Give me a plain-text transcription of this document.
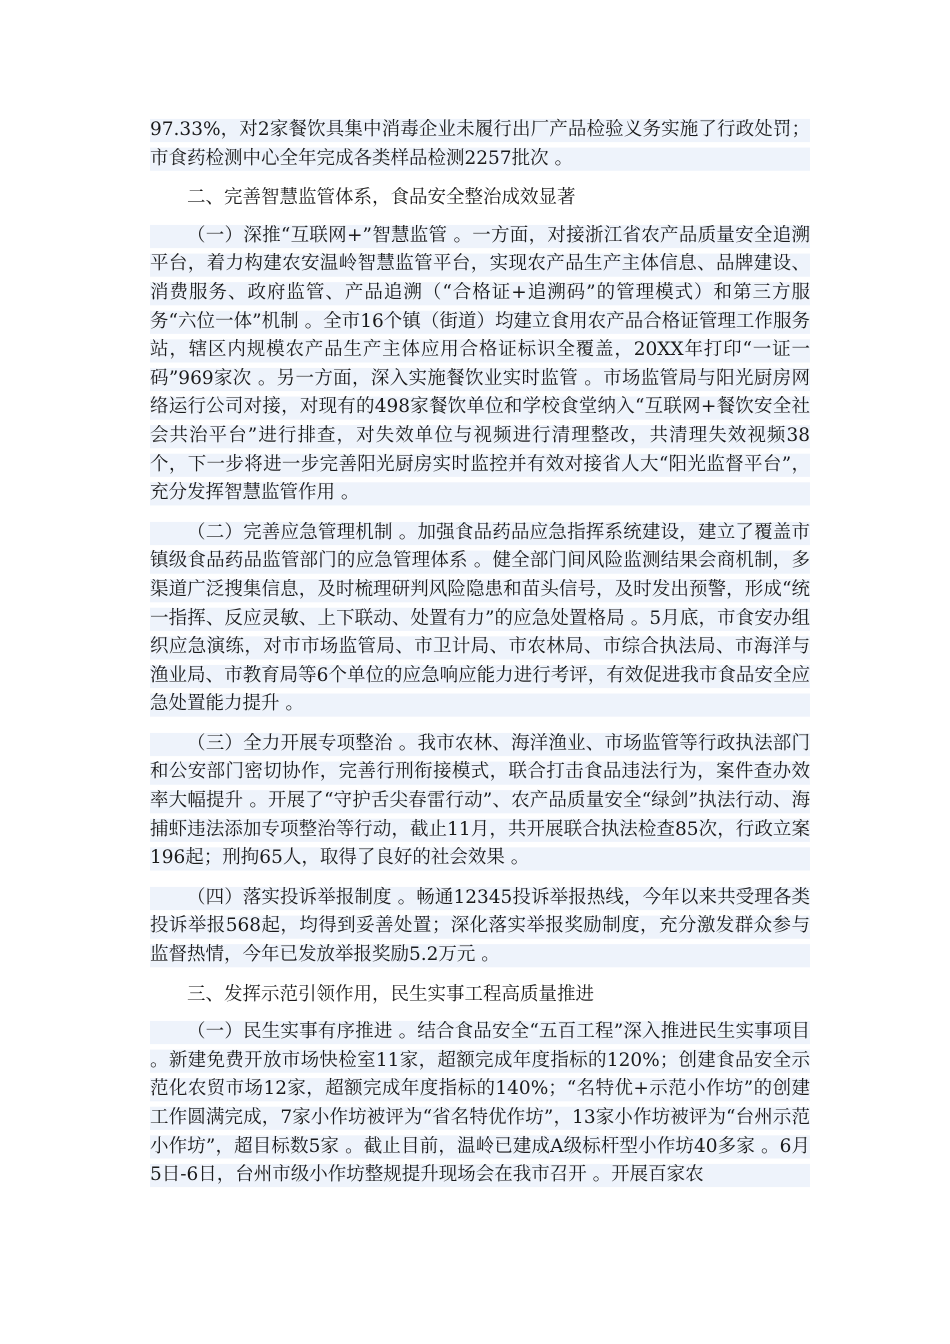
97.33%，对2家餐饮具集中消毒企业未履行出厂产品检验义务实施了行政处罚；市食药检测中心全年完成各类样品检测2257批次 。

二、完善智慧监管体系，食品安全整治成效显著

（一）深推“互联网+”智慧监管 。一方面，对接浙江省农产品质量安全追溯平台，着力构建农安温岭智慧监管平台，实现农产品生产主体信息、品牌建设、消费服务、政府监管、产品追溯（“合格证+追溯码”的管理模式）和第三方服务“六位一体”机制 。全市16个镇（街道）均建立食用农产品合格证管理工作服务站，辖区内规模农产品生产主体应用合格证标识全覆盖，20XX年打印“一证一码”969家次 。另一方面，深入实施餐饮业实时监管 。市场监管局与阳光厨房网络运行公司对接，对现有的498家餐饮单位和学校食堂纳入“互联网+餐饮安全社会共治平台”进行排查，对失效单位与视频进行清理整改，共清理失效视频38个，下一步将进一步完善阳光厨房实时监控并有效对接省人大“阳光监督平台”，充分发挥智慧监管作用 。

（二）完善应急管理机制 。加强食品药品应急指挥系统建设，建立了覆盖市镇级食品药品监管部门的应急管理体系 。健全部门间风险监测结果会商机制，多渠道广泛搜集信息，及时梳理研判风险隐患和苗头信号，及时发出预警，形成“统一指挥、反应灵敏、上下联动、处置有力”的应急处置格局 。5月底，市食安办组织应急演练，对市市场监管局、市卫计局、市农林局、市综合执法局、市海洋与渔业局、市教育局等6个单位的应急响应能力进行考评，有效促进我市食品安全应急处置能力提升 。

（三）全力开展专项整治 。我市农林、海洋渔业、市场监管等行政执法部门和公安部门密切协作，完善行刑衔接模式，联合打击食品违法行为，案件查办效率大幅提升 。开展了“守护舌尖春雷行动”、农产品质量安全“绿剑”执法行动、海捕虾违法添加专项整治等行动，截止11月，共开展联合执法检查85次，行政立案196起；刑拘65人，取得了良好的社会效果 。

（四）落实投诉举报制度 。畅通12345投诉举报热线，今年以来共受理各类投诉举报568起，均得到妥善处置；深化落实举报奖励制度，充分激发群众参与监督热情，今年已发放举报奖励5.2万元 。

三、发挥示范引领作用，民生实事工程高质量推进

（一）民生实事有序推进 。结合食品安全“五百工程”深入推进民生实事项目 。新建免费开放市场快检室11家，超额完成年度指标的120%；创建食品安全示范化农贸市场12家，超额完成年度指标的140%；“名特优+示范小作坊”的创建工作圆满完成，7家小作坊被评为“省名特优作坊”，13家小作坊被评为“台州示范小作坊”，超目标数5家 。截止目前，温岭已建成A级标杆型小作坊40多家 。6月5日-6日，台州市级小作坊整规提升现场会在我市召开 。开展百家农
